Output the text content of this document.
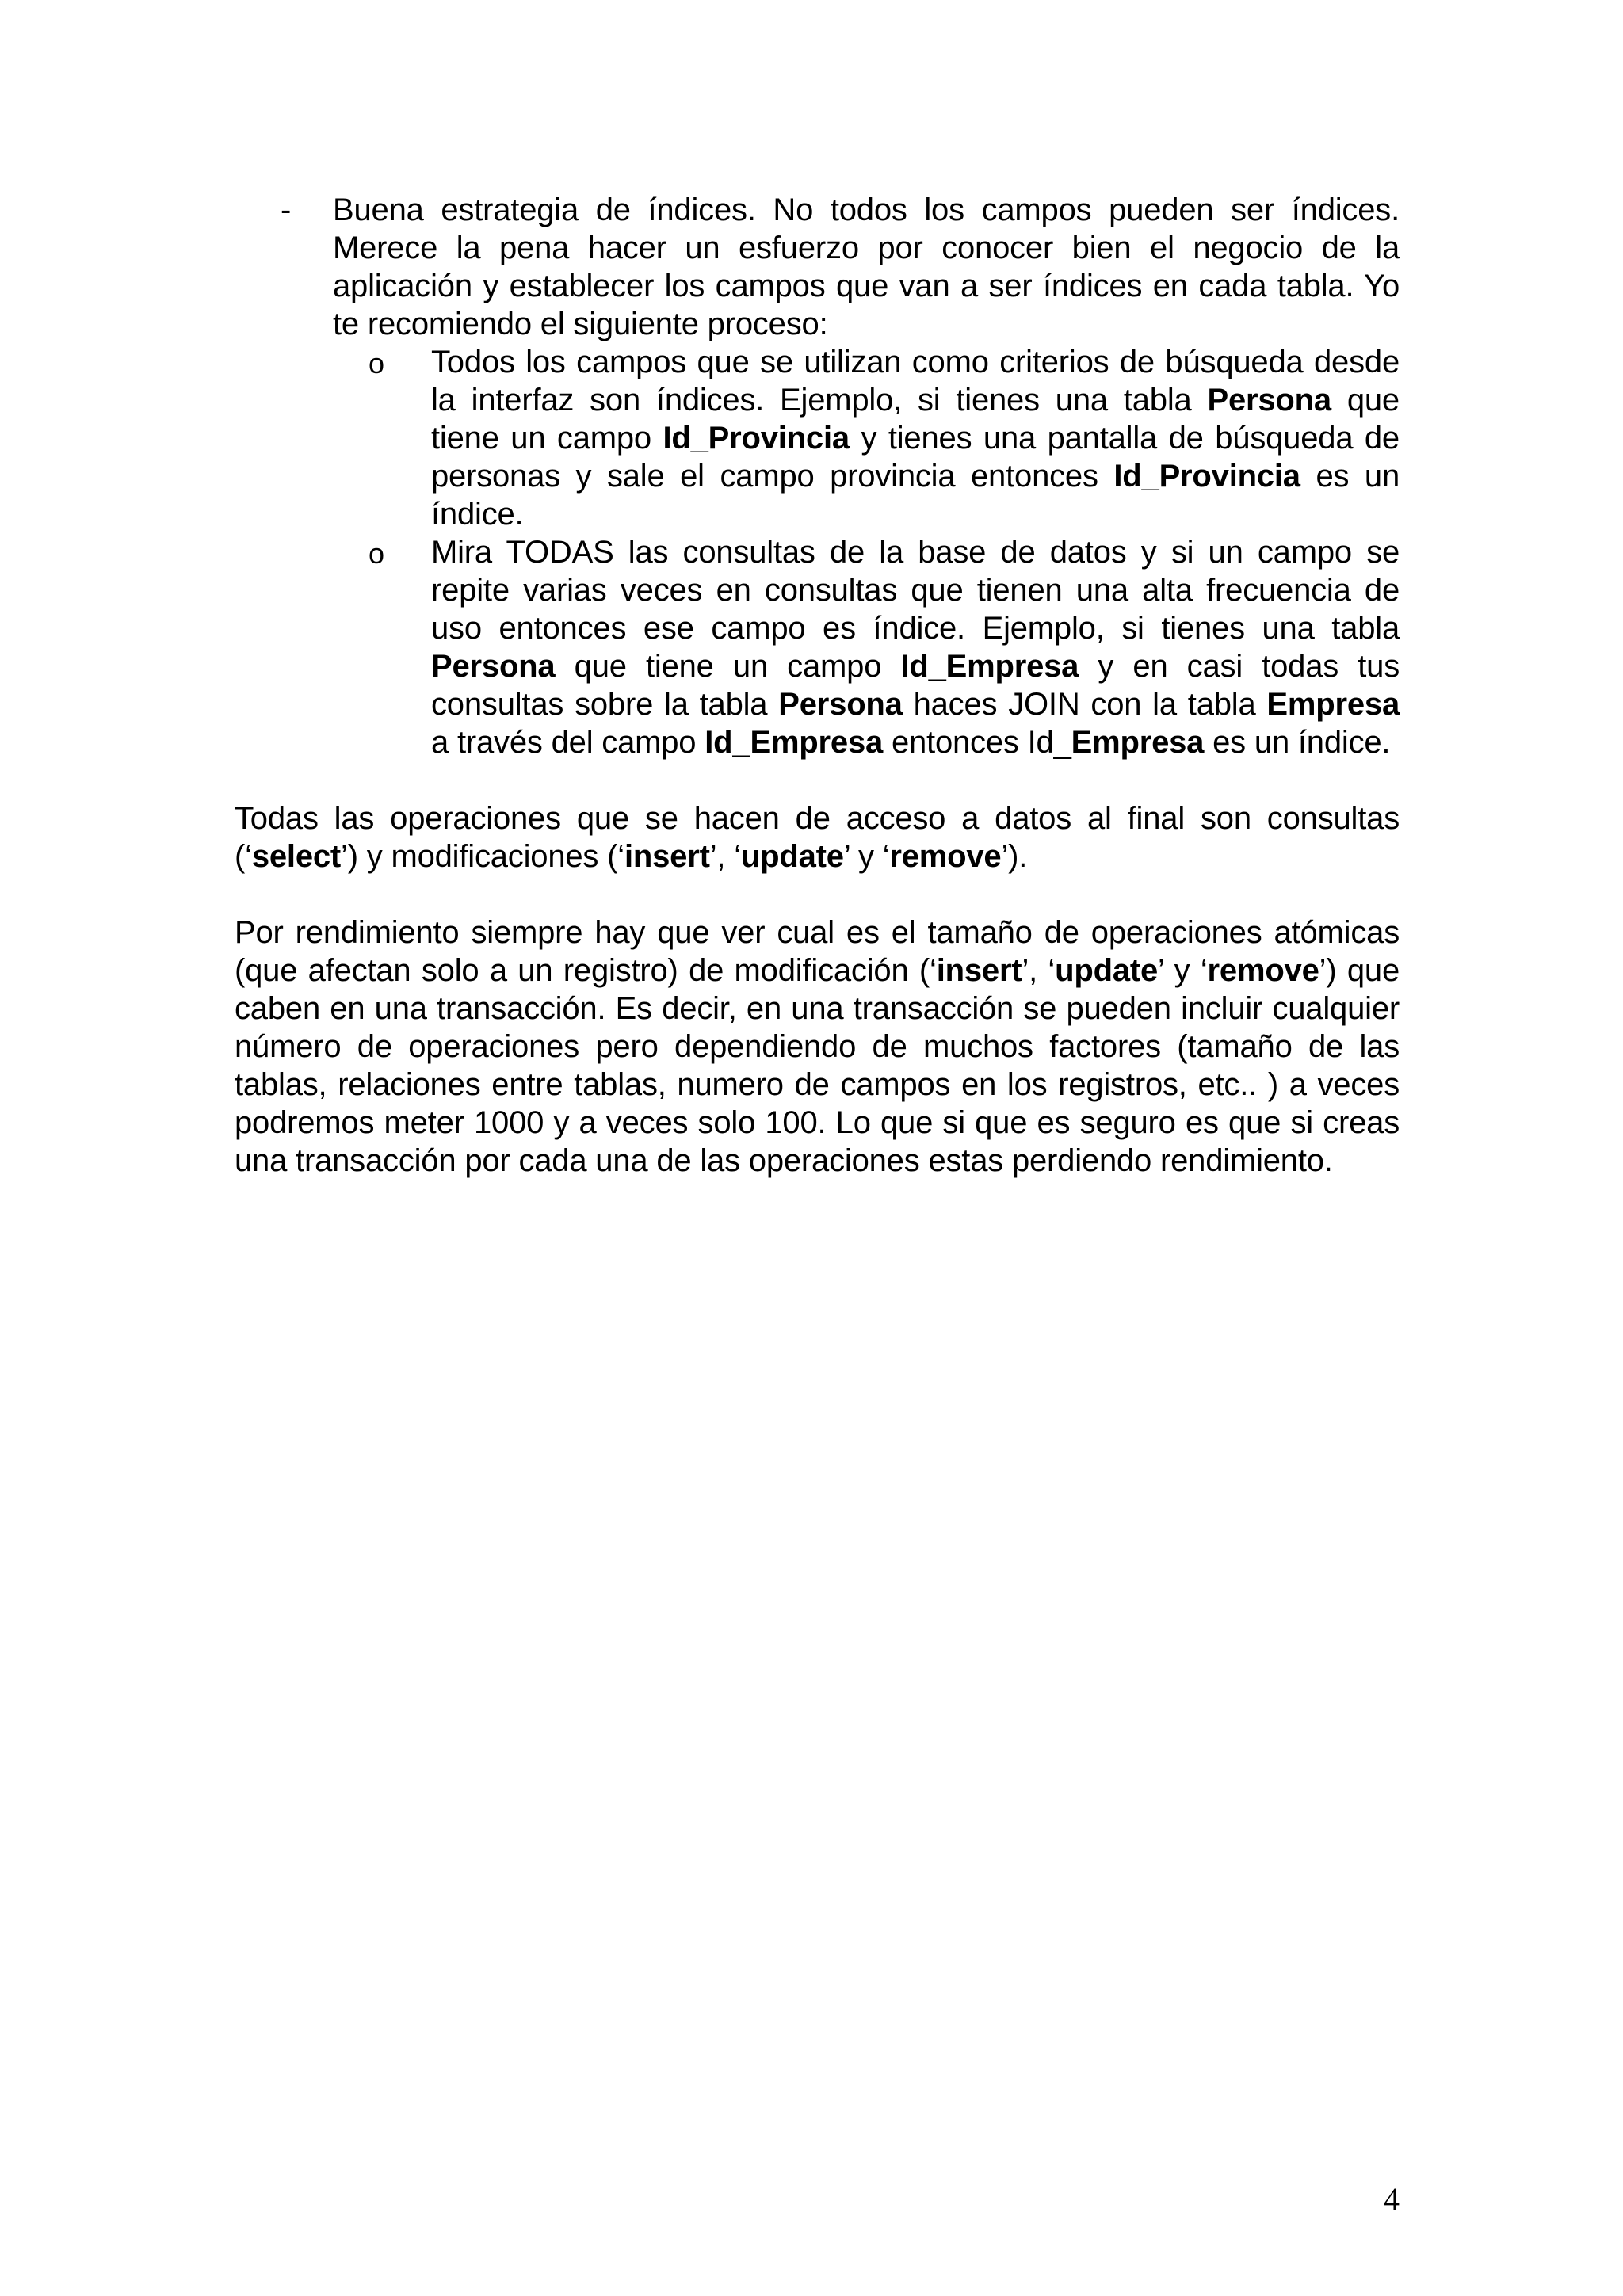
- Buena estrategia de índices. No todos los campos pueden ser índices. Merece la pena hacer un esfuerzo por conocer bien el negocio de la aplicación y establecer los campos que van a ser índices en cada tabla. Yo te recomiendo el siguiente proceso:

o Todos los campos que se utilizan como criterios de búsqueda desde la interfaz son índices. Ejemplo, si tienes una tabla Persona que tiene un campo Id_Provincia y tienes una pantalla de búsqueda de personas y sale el campo provincia entonces Id_Provincia es un índice.

o Mira TODAS las consultas de la base de datos y si un campo se repite varias veces en consultas que tienen una alta frecuencia de uso entonces ese campo es índice. Ejemplo, si tienes una tabla Persona que tiene un campo Id_Empresa y en casi todas tus consultas sobre la tabla Persona haces JOIN con la tabla Empresa a través del campo Id_Empresa entonces Id_Empresa es un índice.

Todas las operaciones que se hacen de acceso a datos al final son consultas (‘select’) y modificaciones (‘insert’, ‘update’ y ‘remove’).

Por rendimiento siempre hay que ver cual es el tamaño de operaciones atómicas (que afectan solo a un registro) de modificación (‘insert’, ‘update’ y ‘remove’) que caben en una transacción. Es decir, en una transacción se pueden incluir cualquier número de operaciones pero dependiendo de muchos factores (tamaño de las tablas, relaciones entre tablas, numero de campos en los registros, etc.. ) a veces podremos meter 1000 y a veces solo 100. Lo que si que es seguro es que si creas una transacción por cada una de las operaciones estas perdiendo rendimiento.

4
